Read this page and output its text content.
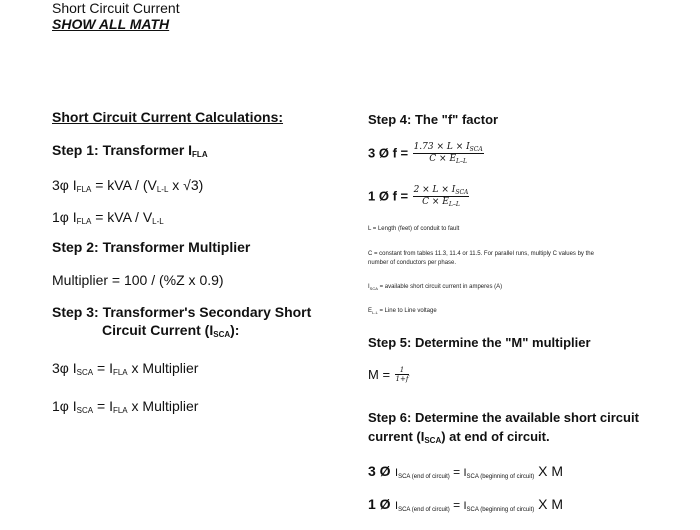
Short Circuit Current
SHOW ALL MATH
Short Circuit Current Calculations:
Step 1: Transformer $I_{FLA}$
3φ $I_{FLA}$ = kVA / ($V_{L-L}$ x √3)
1φ $I_{FLA}$ = kVA / $V_{L-L}$
Step 2: Transformer Multiplier
Multiplier = 100 / (%Z x 0.9)
Step 3: Transformer's Secondary Short
Circuit Current $(I_{SCA})$:
3φ $I_{SCA} = I_{FLA}$ x Multiplier
1φ $I_{SCA} = I_{FLA}$ x Multiplier
Step 4: The "f" factor
3 Ø $f = \frac{1.73 \times L \times I_{SCA}}{C \times E_{L-L}}$
1 Ø $f = \frac{2 \times L \times I_{SCA}}{C \times E_{L-L}}$
L = Length (feet) of conduit to fault
C = constant from tables 11.3, 11.4 or 11.5. For parallel runs, multiply C values by the
number of conductors per phase.
$I_{SCA}$ = available short circuit current in amperes (A)
$E_{L-L}$ = Line to Line voltage
Step 5: Determine the "M" multiplier
$M = \frac{1}{1+f}$
Step 6: Determine the available short circuit
current $(I_{SCA})$ at end of circuit.
3 Ø $I_{SCA (end of circuit)} = I_{SCA (beginning of circuit)}$ X M
1 Ø $I_{SCA (end of circuit)} = I_{SCA (beginning of circuit)}$ X M
